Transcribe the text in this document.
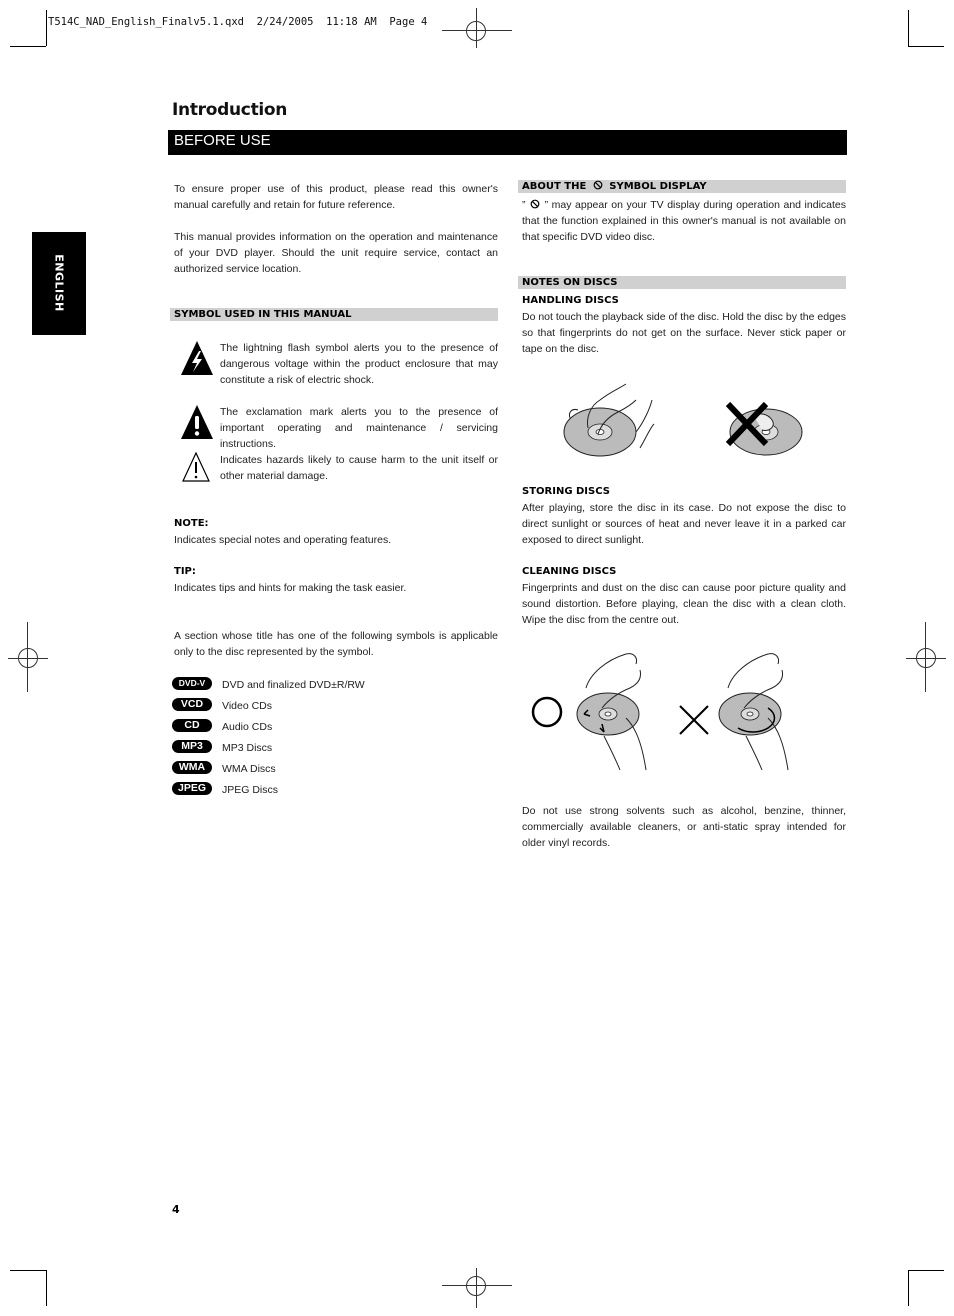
T514C_NAD_English_Finalv5.1.qxd  2/24/2005  11:18 AM  Page 4
Introduction
BEFORE USE
ENGLISH
To ensure proper use of this product, please read this owner's manual carefully and retain for future reference.
This manual provides information on the operation and maintenance of your DVD player. Should the unit require service, contact an authorized service location.
SYMBOL USED IN THIS MANUAL
The lightning flash symbol alerts you to the presence of dangerous voltage within the product enclosure that may constitute a risk of electric shock.
The exclamation mark alerts you to the presence of important operating and maintenance / servicing instructions.
Indicates hazards likely to cause harm to the unit itself or other material damage.
NOTE:
Indicates special notes and operating features.
TIP:
Indicates tips and hints for making the task easier.
A section whose title has one of the following symbols is applicable only to the disc represented by the symbol.
DVD-V	DVD and finalized DVD±R/RW
VCD	Video CDs
CD	Audio CDs
MP3	MP3 Discs
WMA	WMA Discs
JPEG	JPEG Discs
ABOUT THE SYMBOL DISPLAY
” ” may appear on your TV display during operation and indicates that the function explained in this owner's manual is not available on that specific DVD video disc.
NOTES ON DISCS
HANDLING DISCS
Do not touch the playback side of the disc. Hold the disc by the edges so that fingerprints do not get on the surface. Never stick paper or tape on the disc.
STORING DISCS
After playing, store the disc in its case. Do not expose the disc to direct sunlight or sources of heat and never leave it in a parked car exposed to direct sunlight.
CLEANING DISCS
Fingerprints and dust on the disc can cause poor picture quality and sound distortion. Before playing, clean the disc with a clean cloth. Wipe the disc from the centre out.
Do not use strong solvents such as alcohol, benzine, thinner, commercially available cleaners, or anti-static spray intended for older vinyl records.
4
